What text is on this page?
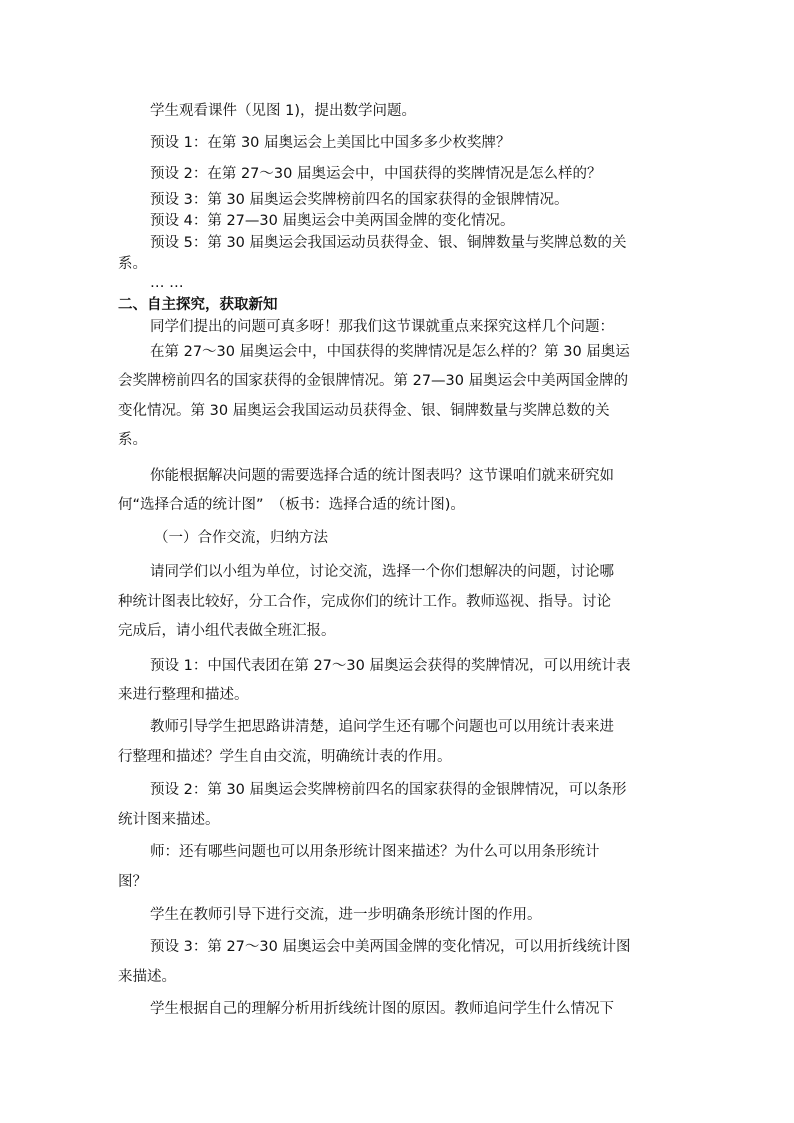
学生观看课件（见图 1)，提出数学问题。
预设 1：在第 30 届奥运会上美国比中国多多少枚奖牌？
预设 2：在第 27～30 届奥运会中，中国获得的奖牌情况是怎么样的？
预设 3：第 30 届奥运会奖牌榜前四名的国家获得的金银牌情况。
预设 4：第 27—30 届奥运会中美两国金牌的变化情况。
预设 5：第 30 届奥运会我国运动员获得金、银、铜牌数量与奖牌总数的关
系。
… …
二、自主探究，获取新知
同学们提出的问题可真多呀！那我们这节课就重点来探究这样几个问题：
在第 27～30 届奥运会中，中国获得的奖牌情况是怎么样的？第 30 届奥运
会奖牌榜前四名的国家获得的金银牌情况。第 27—30 届奥运会中美两国金牌的
变化情况。第 30 届奥运会我国运动员获得金、银、铜牌数量与奖牌总数的关
系。
你能根据解决问题的需要选择合适的统计图表吗？这节课咱们就来研究如
何“选择合适的统计图”　（板书：选择合适的统计图)。
（一）合作交流，归纳方法
请同学们以小组为单位，讨论交流，选择一个你们想解决的问题，讨论哪
种统计图表比较好，分工合作，完成你们的统计工作。教师巡视、指导。讨论
完成后，请小组代表做全班汇报。
预设 1：中国代表团在第 27～30 届奥运会获得的奖牌情况，可以用统计表
来进行整理和描述。
教师引导学生把思路讲清楚，追问学生还有哪个问题也可以用统计表来进
行整理和描述？学生自由交流，明确统计表的作用。
预设 2：第 30 届奥运会奖牌榜前四名的国家获得的金银牌情况，可以条形
统计图来描述。
师：还有哪些问题也可以用条形统计图来描述？为什么可以用条形统计
图？
学生在教师引导下进行交流，进一步明确条形统计图的作用。
预设 3：第 27～30 届奥运会中美两国金牌的变化情况，可以用折线统计图
来描述。
学生根据自己的理解分析用折线统计图的原因。教师追问学生什么情况下
